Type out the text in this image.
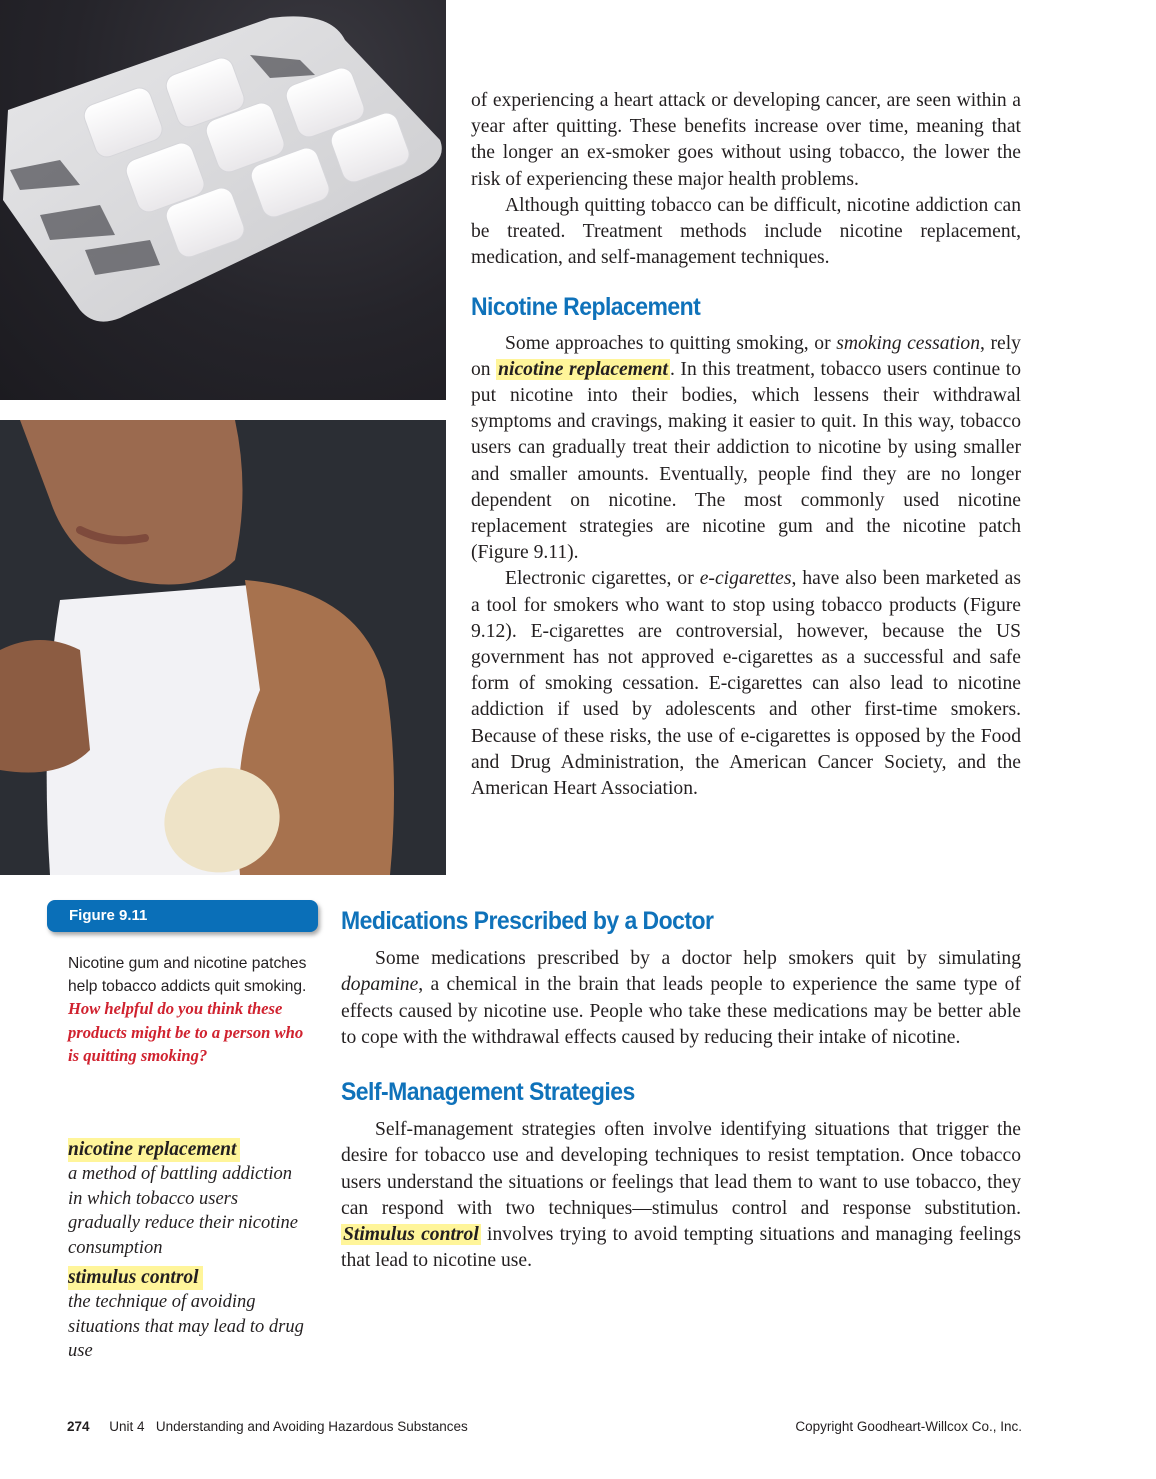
of experiencing a heart attack or developing cancer, are seen within a year after quitting. These benefits increase over time, meaning that the longer an ex-smoker goes without using tobacco, the lower the risk of experiencing these major health problems.

Although quitting tobacco can be difficult, nicotine addiction can be treated. Treatment methods include nicotine replacement, medication, and self-management techniques.

Nicotine Replacement

Some approaches to quitting smoking, or smoking cessation, rely on nicotine replacement . In this treatment, tobacco users continue to put nicotine into their bodies, which lessens their withdrawal symptoms and cravings, making it easier to quit. In this way, tobacco users can gradually treat their addiction to nicotine by using smaller and smaller amounts. Eventually, people find they are no longer dependent on nicotine. The most commonly used nicotine replacement strategies are nicotine gum and the nicotine patch (Figure 9.11).

Electronic cigarettes, or e-cigarettes, have also been marketed as a tool for smokers who want to stop using tobacco products (Figure 9.12). E-cigarettes are controversial, however, because the US government has not approved e-cigarettes as a successful and safe form of smoking cessation. E-cigarettes can also lead to nicotine addiction if used by adolescents and other first-time smokers. Because of these risks, the use of e-cigarettes is opposed by the Food and Drug Administration, the American Cancer Society, and the American Heart Association.

Figure 9.11
Nicotine gum and nicotine patches help tobacco addicts quit smoking. How helpful do you think these products might be to a person who is quitting smoking?
Medications Prescribed by a Doctor

Some medications prescribed by a doctor help smokers quit by simulating dopamine, a chemical in the brain that leads people to experience the same type of effects caused by nicotine use. People who take these medications may be better able to cope with the withdrawal effects caused by reducing their intake of nicotine.

Self-Management Strategies

Self-management strategies often involve identifying situations that trigger the desire for tobacco use and developing techniques to resist temptation. Once tobacco users understand the situations or feelings that lead them to want to use tobacco, they can respond with two techniques—stimulus control and response substitution. Stimulus control involves trying to avoid tempting situations and managing feelings that lead to nicotine use.

nicotine replacement
a method of battling addiction in which tobacco users gradually reduce their nicotine consumption
stimulus control
the technique of avoiding situations that may lead to drug use
274 Unit 4   Understanding and Avoiding Hazardous Substances	Copyright Goodheart-Willcox Co., Inc.
